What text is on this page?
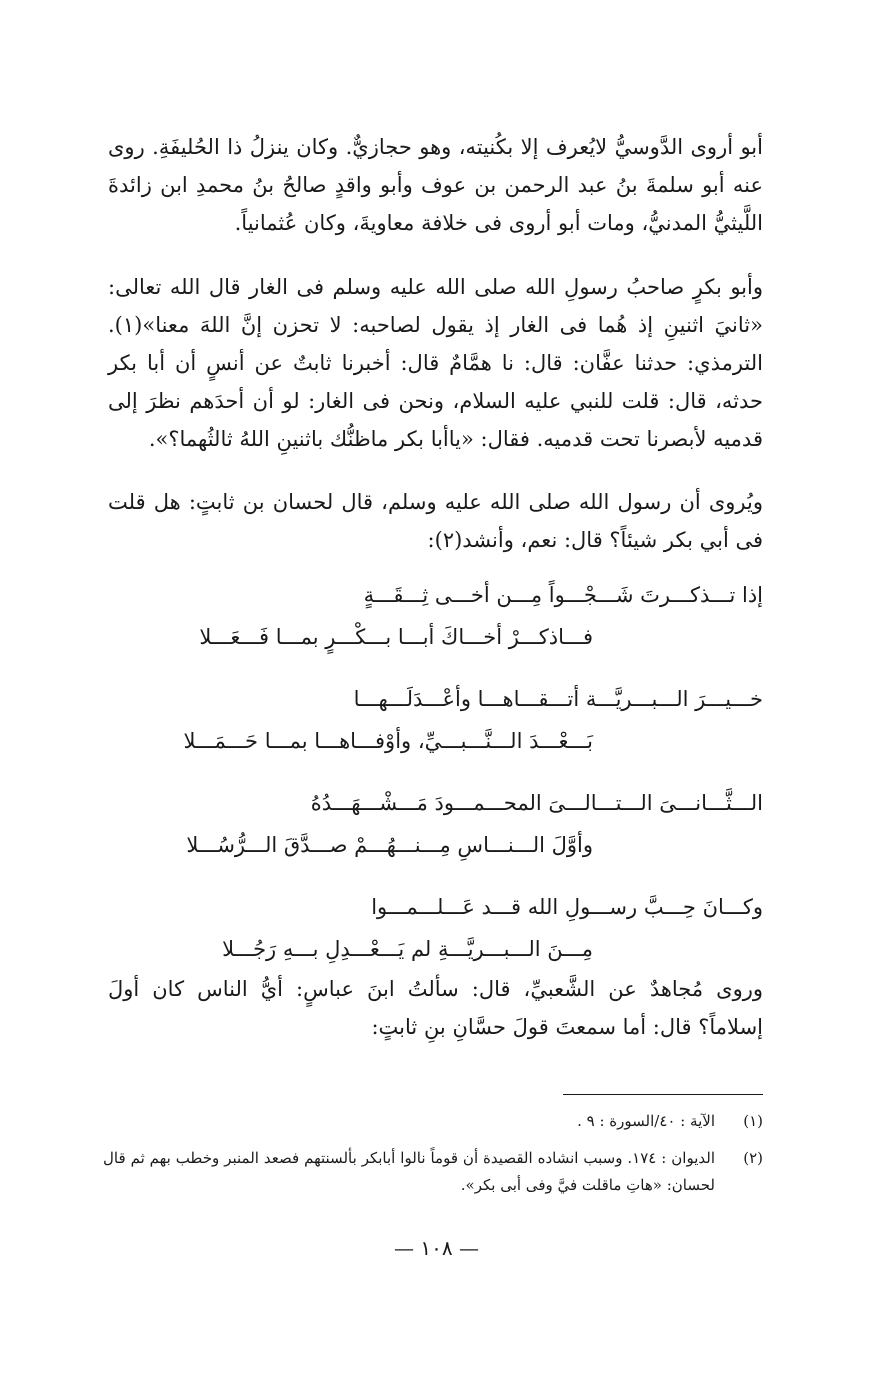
أبو أروى الدَّوسيُّ لايُعرف إلا بكُنيته، وهو حجازيٌّ. وكان ينزلُ ذا الحُليفَةِ. روى عنه أبو سلمةَ بنُ عبد الرحمن بن عوف وأبو واقدٍ صالحُ بنُ محمدِ ابن زائدةَ اللَّيثيُّ المدنيُّ، ومات أبو أروى فى خلافة معاويةَ، وكان عُثمانياً.

وأبو بكرٍ صاحبُ رسولِ الله صلى الله عليه وسلم فى الغار قال الله تعالى: «ثانيَ اثنينِ إذ هُما فى الغار إذ يقول لصاحبه: لا تحزن إنَّ اللهَ معنا»(١). الترمذي: حدثنا عفَّان: قال: نا همَّامٌ قال: أخبرنا ثابتٌ عن أنسٍ أن أبا بكر حدثه، قال: قلت للنبي عليه السلام، ونحن فى الغار: لو أن أحدَهم نظرَ إلى قدميه لأبصرنا تحت قدميه. فقال: «ياأبا بكر ماظنُّك باثنينِ اللهُ ثالثُهما؟».

ويُروى أن رسول الله صلى الله عليه وسلم، قال لحسان بن ثابتٍ: هل قلت فى أبي بكر شيئاً؟ قال: نعم، وأنشد(٢):

إذا تـــذكـــرتَ شَـــجْـــواً مِـــن أخـــى ثِـــقَـــةٍ
فـــاذكـــرْ أخـــاكَ أبـــا بـــكْـــرٍ بمـــا فَـــعَـــلا
خـــيـــرَ الـــبـــريَّـــة أتـــقـــاهـــا وأعْـــدَلَـــهـــا
بَـــعْـــدَ الـــنَّـــبـــيِّ، وأوْفـــاهـــا بمـــا حَـــمَـــلا
الـــثَّـــانـــىَ الـــتـــالـــىَ المحـــمـــودَ مَـــشْـــهَـــدُهُ
وأوَّلَ الـــنـــاسِ مِـــنـــهُـــمْ صـــدَّقَ الـــرُّسُـــلا
وكـــانَ حِـــبَّ رســـولِ الله قـــد عَـــلـــمـــوا
مِـــنَ الـــبـــريَّـــةِ لم يَـــعْـــدِلِ بـــهِ رَجُـــلا

وروى مُجاهدٌ عن الشَّعبيِّ، قال: سألتُ ابنَ عباسٍ: أيُّ الناس كان أولَ إسلاماً؟ قال: أما سمعتَ قولَ حسَّانِ بنِ ثابتٍ:

(١)
الآية : ٤٠/السورة : ٩ .
(٢)
الديوان : ١٧٤. وسبب انشاده القصيدة أن قوماً نالوا أبابكر بألسنتهم فصعد المنبر وخطب بهم ثم قال لحسان: «هاتِ ماقلت فيَّ وفى أبى بكر».
— ١٠٨ —
